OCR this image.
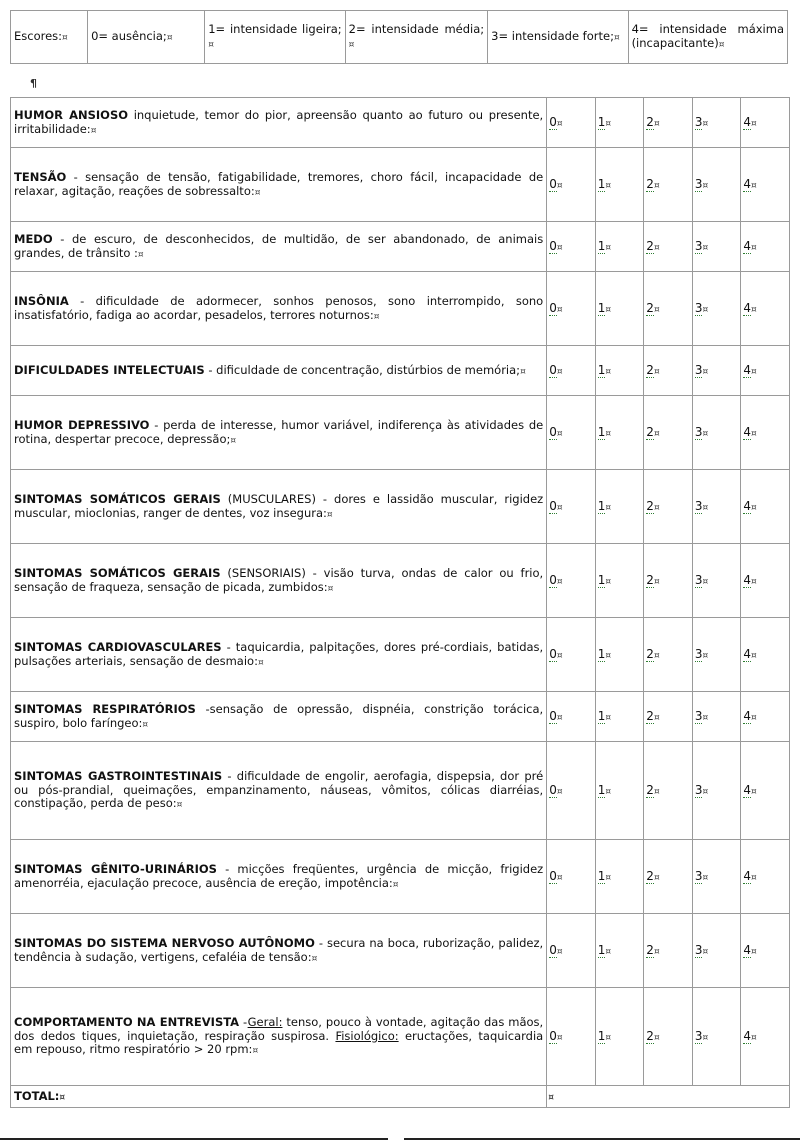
Escores:¤	0= ausência;¤	1= intensidade ligeira;¤	2= intensidade média;¤	3= intensidade forte;¤	4= intensidade máxima (incapacitante)¤
¶
HUMOR ANSIOSO inquietude, temor do pior, apreensão quanto ao futuro ou presente, irritabilidade:¤	0¤	1¤	2¤	3¤	4¤
TENSÃO - sensação de tensão, fatigabilidade, tremores, choro fácil, incapacidade de relaxar, agitação, reações de sobressalto:¤	0¤	1¤	2¤	3¤	4¤
MEDO - de escuro, de desconhecidos, de multidão, de ser abandonado, de animais grandes, de trânsito :¤	0¤	1¤	2¤	3¤	4¤
INSÔNIA - dificuldade de adormecer, sonhos penosos, sono interrompido, sono insatisfatório, fadiga ao acordar, pesadelos, terrores noturnos:¤	0¤	1¤	2¤	3¤	4¤
DIFICULDADES INTELECTUAIS - dificuldade de concentração, distúrbios de memória;¤	0¤	1¤	2¤	3¤	4¤
HUMOR DEPRESSIVO - perda de interesse, humor variável, indiferença às atividades de rotina, despertar precoce, depressão;¤	0¤	1¤	2¤	3¤	4¤
SINTOMAS SOMÁTICOS GERAIS (MUSCULARES) - dores e lassidão muscular, rigidez muscular, mioclonias, ranger de dentes, voz insegura:¤	0¤	1¤	2¤	3¤	4¤
SINTOMAS SOMÁTICOS GERAIS (SENSORIAIS) - visão turva, ondas de calor ou frio, sensação de fraqueza, sensação de picada, zumbidos:¤	0¤	1¤	2¤	3¤	4¤
SINTOMAS CARDIOVASCULARES - taquicardia, palpitações, dores pré-cordiais, batidas, pulsações arteriais, sensação de desmaio:¤	0¤	1¤	2¤	3¤	4¤
SINTOMAS RESPIRATÓRIOS -sensação de opressão, dispnéia, constrição torácica, suspiro, bolo faríngeo:¤	0¤	1¤	2¤	3¤	4¤
SINTOMAS GASTROINTESTINAIS - dificuldade de engolir, aerofagia, dispepsia, dor pré ou pós-prandial, queimações, empanzinamento, náuseas, vômitos, cólicas diarréias, constipação, perda de peso:¤	0¤	1¤	2¤	3¤	4¤
SINTOMAS GÊNITO-URINÁRIOS - micções freqüentes, urgência de micção, frigidez amenorréia, ejaculação precoce, ausência de ereção, impotência:¤	0¤	1¤	2¤	3¤	4¤
SINTOMAS DO SISTEMA NERVOSO AUTÔNOMO - secura na boca, ruborização, palidez, tendência à sudação, vertigens, cefaléia de tensão:¤	0¤	1¤	2¤	3¤	4¤
COMPORTAMENTO NA ENTREVISTA -Geral: tenso, pouco à vontade, agitação das mãos, dos dedos tiques, inquietação, respiração suspirosa. Fisiológico: eructações, taquicardia em repouso, ritmo respiratório > 20 rpm:¤	0¤	1¤	2¤	3¤	4¤
TOTAL:¤	¤				
